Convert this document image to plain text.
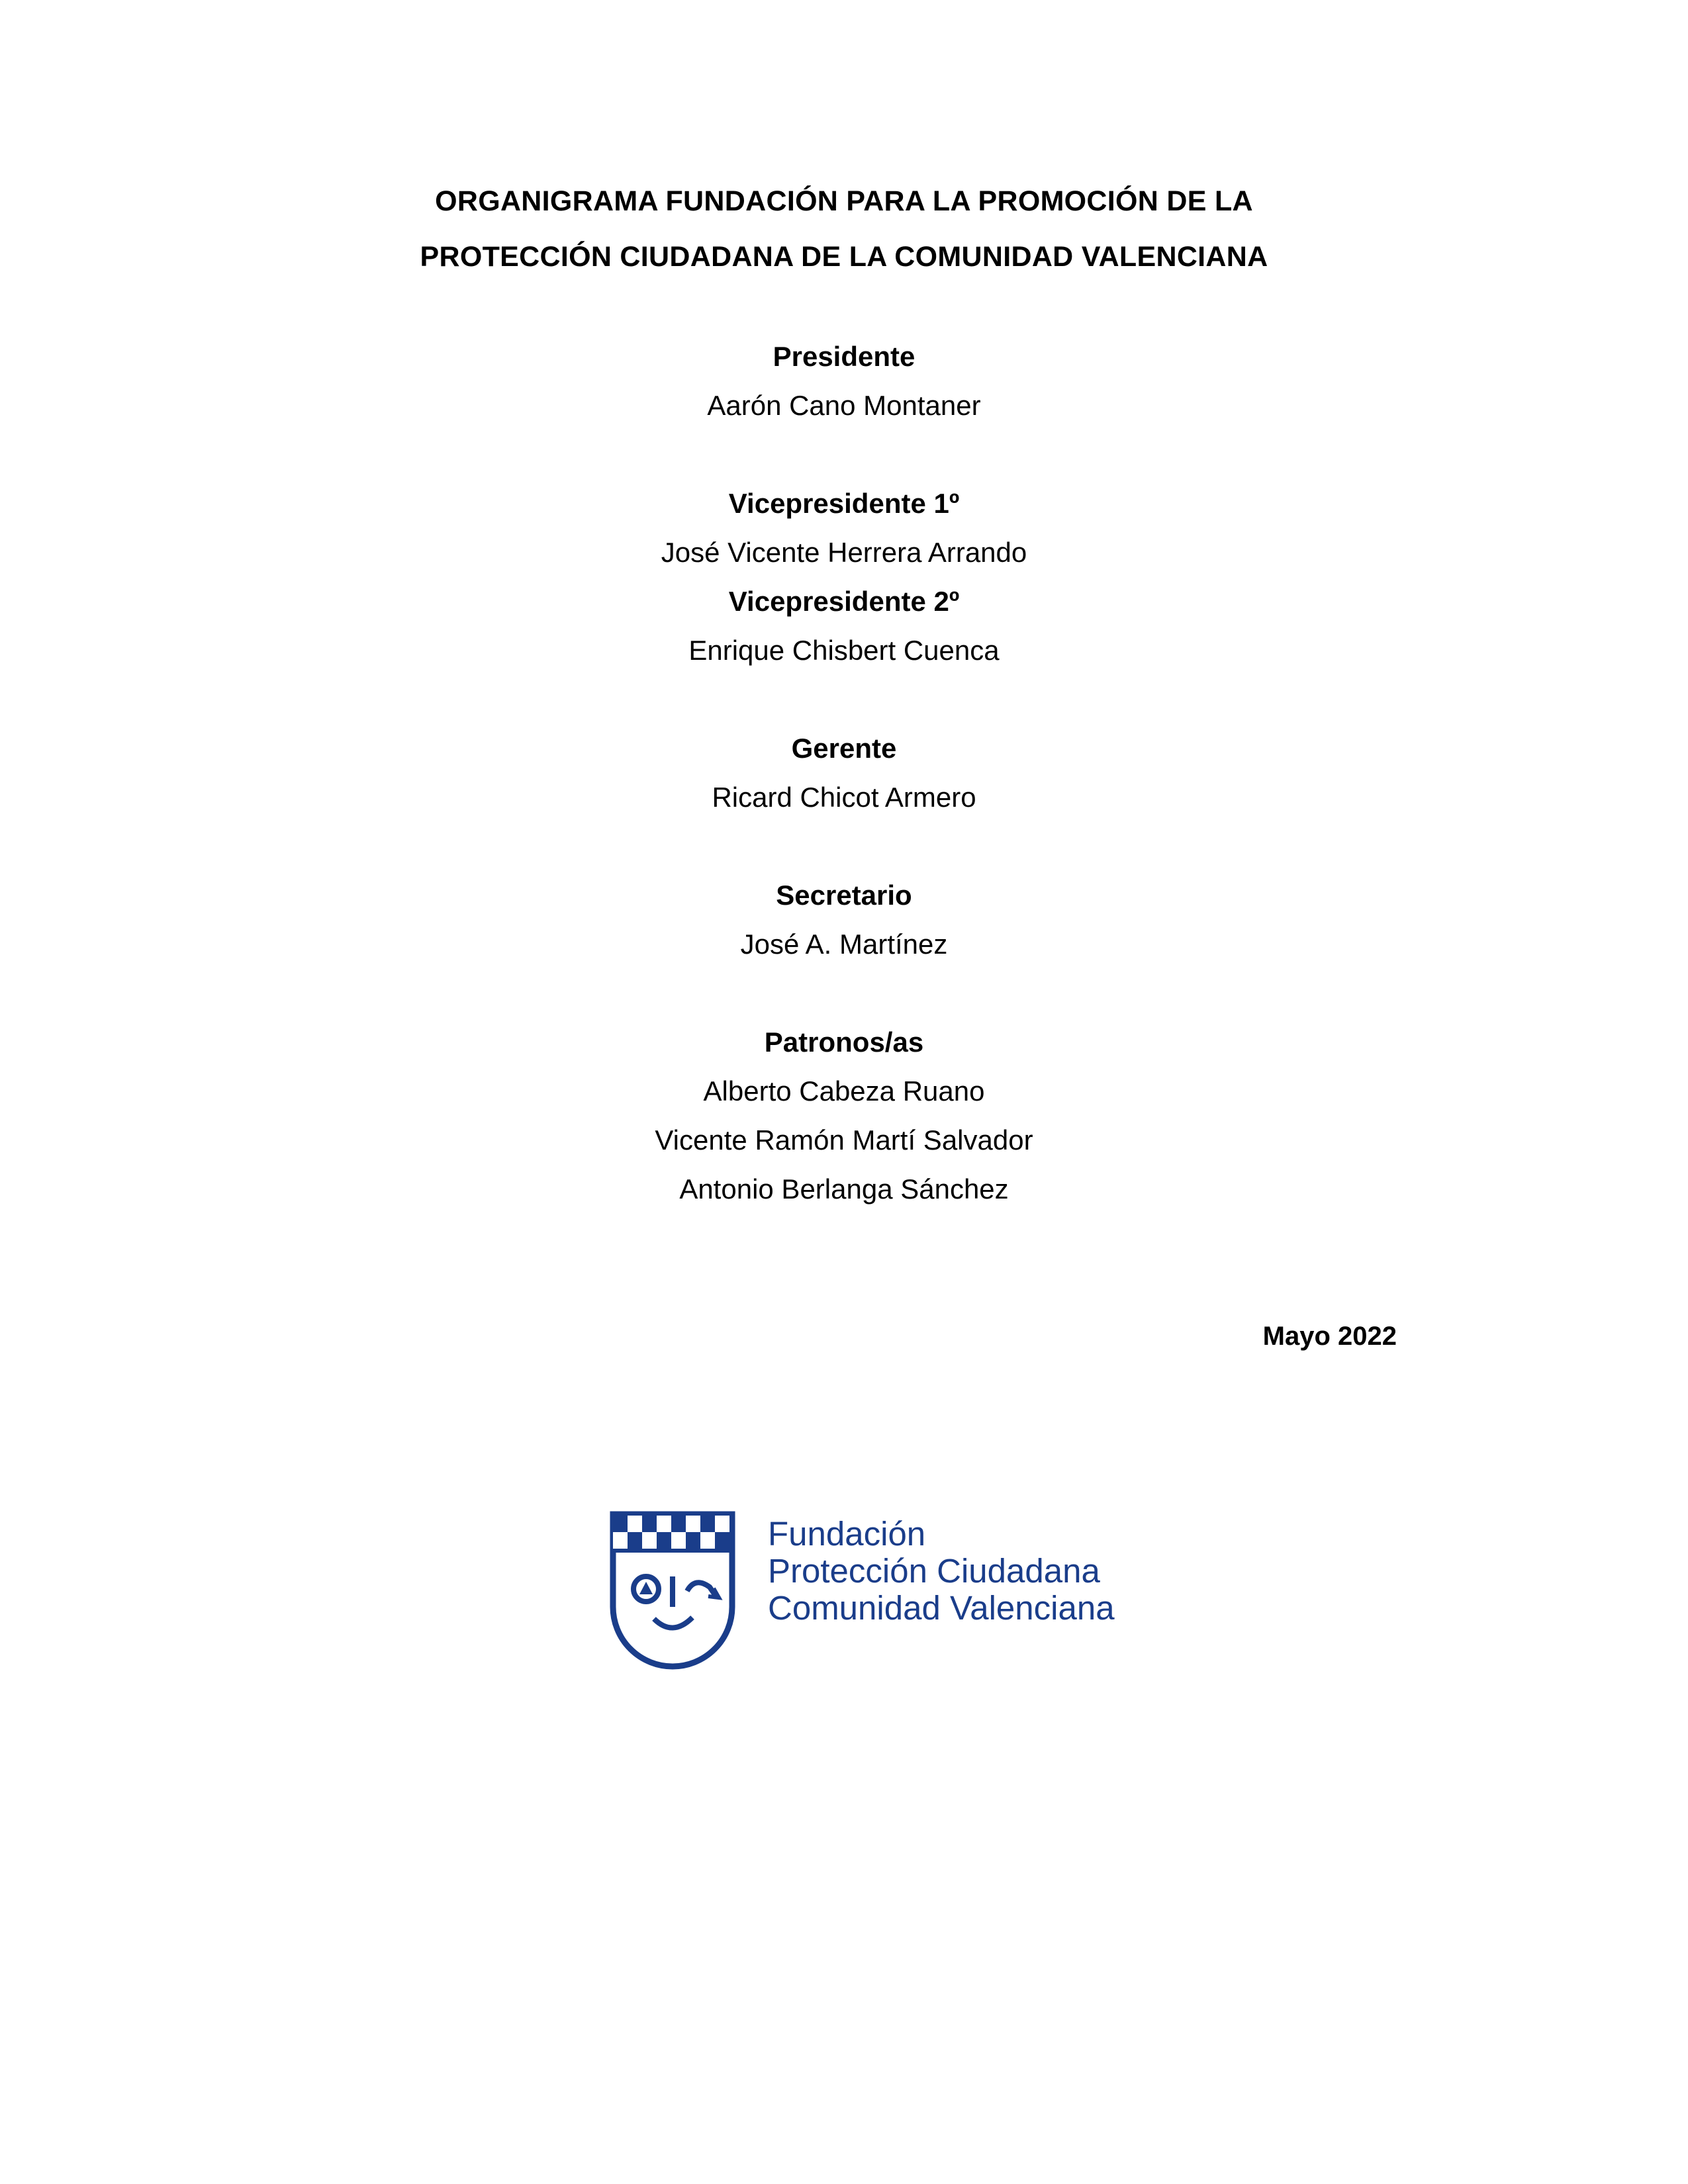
ORGANIGRAMA FUNDACIÓN PARA LA PROMOCIÓN DE LA
PROTECCIÓN CIUDADANA DE LA COMUNIDAD VALENCIANA
Presidente
Aarón Cano Montaner
Vicepresidente 1º
José Vicente Herrera Arrando
Vicepresidente 2º
Enrique Chisbert Cuenca
Gerente
Ricard Chicot Armero
Secretario
José A. Martínez
Patronos/as
Alberto Cabeza Ruano
Vicente Ramón Martí Salvador
Antonio Berlanga Sánchez
Mayo 2022
Fundación
Protección Ciudadana
Comunidad Valenciana
